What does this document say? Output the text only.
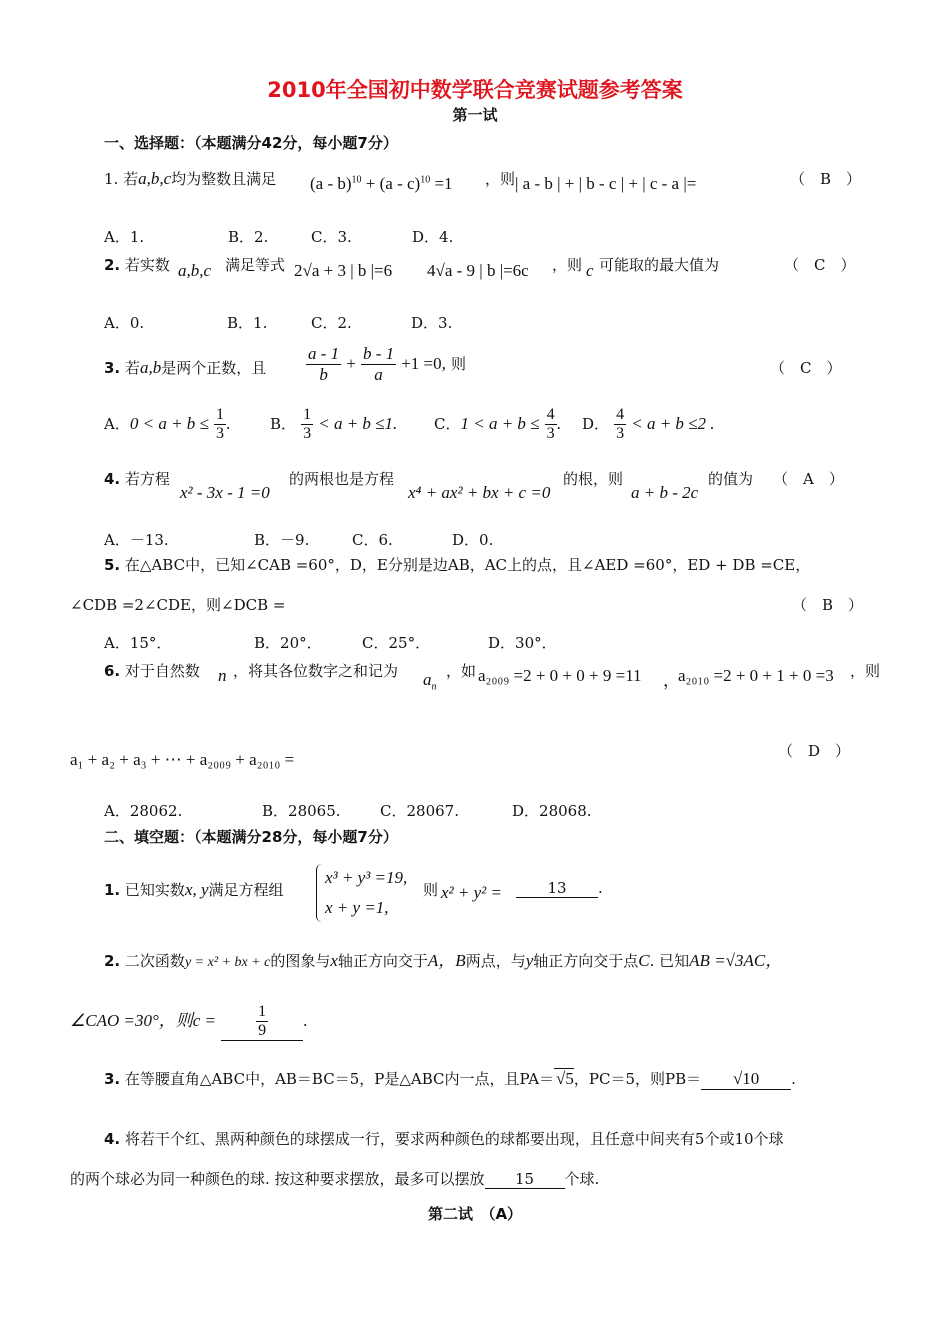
2010年全国初中数学联合竞赛试题参考答案
第一试
一、选择题：（本题满分42分，每小题7分）
1. 若a,b,c均为整数且满足 (a - b)$^{10}$ + (a - c)$^{10}$ =1 ，则 | a - b | + | b - c | + | c - a |=	（　B　）
A．1.	B．2.	C．3.	D．4.
2. 若实数 a,b,c 满足等式 2√a + 3 | b |=6 4√a - 9 | b |=6c ，则 c 可能取的最大值为	（　C　）
A．0.	B．1.	C．2.	D．3.
3. 若a,b是两个正数，且 $\frac{a - 1}{b} + \frac{b - 1}{a} +1 =0$, 则	（　C　）
A．$0 < a + b \le \frac{1}{3}$ .	B． $\frac{1}{3} < a + b \le 1$. C．$1 < a + b \le \frac{4}{3}$ . D． $\frac{4}{3} < a + b \le 2$ .
4. 若方程
x² - 3x - 1 =0
的两根也是方程
x⁴ + ax² + bx + c =0
的根，则
a + b - 2c
的值为 （　A　）
A．－13.	B．－9.	C．6.	D．0.
5. 在△ABC中，已知∠CAB =60°，D，E分别是边AB，AC上的点，且∠AED =60°，ED + DB =CE，
∠CDB =2∠CDE，则∠DCB =	（　B　）
A．15°．	B．20°．	C．25°．	D．30°．
6. 对于自然数 n ，将其各位数字之和记为 $a_n$
，如 a₂₀₀₉ =2 + 0 + 0 + 9 =11 ，
a₂₀₁₀ =2 + 0 + 1 + 0 =3 ，则
a₁ + a₂ + a₃ + ⋯ + a₂₀₀₉ + a₂₀₁₀ =	（　D　）
A．28062.	B．28065.	C．28067.	D．28068.
二、填空题：（本题满分28分，每小题7分）
1. 已知实数x, y满足方程组
x³ + y³ =19,
x + y =1,
则 x² + y² =	13 .
2. 二次函数y = x² + bx + c的图象与x轴正方向交于A，B两点，与y轴正方向交于点C. 已知AB =√3AC，
∠CAO =30°，则c =	$\frac{1}{9}$ .
3. 在等腰直角△ABC中，AB＝BC＝5，P是△ABC内一点，且PA＝ √5，PC＝5，则PB＝ √10 .
4. 将若干个红、黑两种颜色的球摆成一行，要求两种颜色的球都要出现，且任意中间夹有5个或10个球
的两个球必为同一种颜色的球. 按这种要求摆放，最多可以摆放 15 个球.
第二试　（A）
